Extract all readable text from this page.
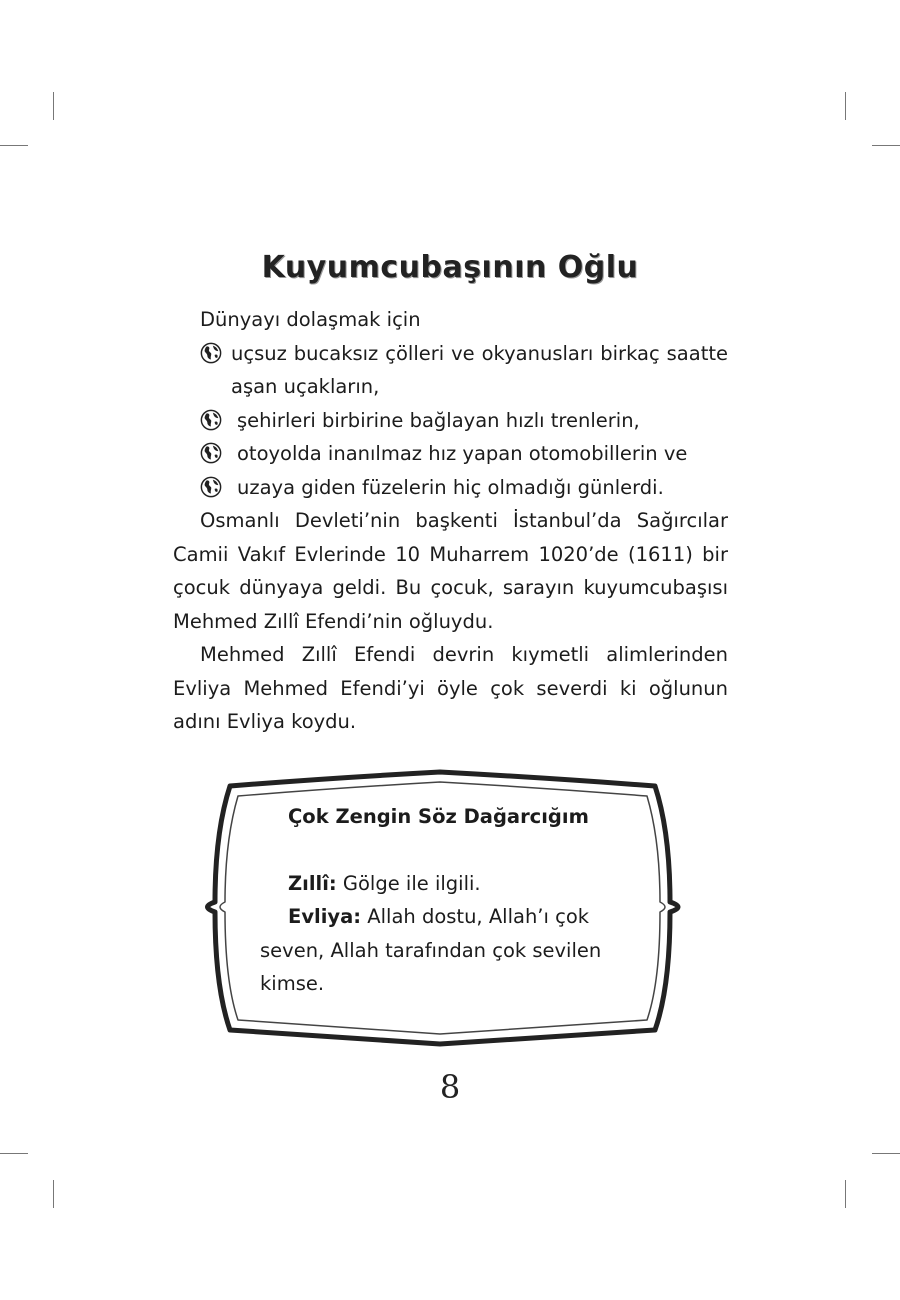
Kuyumcubaşının Oğlu
Dünyayı dolaşmak için
uçsuz bucaksız çölleri ve okyanusları birkaç saatte aşan uçakların,
şehirleri birbirine bağlayan hızlı trenlerin,
otoyolda inanılmaz hız yapan otomobillerin ve
uzaya giden füzelerin hiç olmadığı günlerdi.

Osmanlı Devleti’nin başkenti İstanbul’da Sağırcılar Camii Vakıf Evlerinde 10 Muharrem 1020’de (1611) bir çocuk dünyaya geldi. Bu çocuk, sarayın kuyumcubaşısı Mehmed Zıllî Efendi’nin oğluydu.

Mehmed Zıllî Efendi devrin kıymetli alimlerinden Evliya Mehmed Efendi’yi öyle çok severdi ki oğlunun adını Evliya koydu.

Çok Zengin Söz Dağarcığım

Zıllî: Gölge ile ilgili.

Evliya: Allah dostu, Allah’ı çok seven, Allah tarafından çok sevilen kimse.

8
